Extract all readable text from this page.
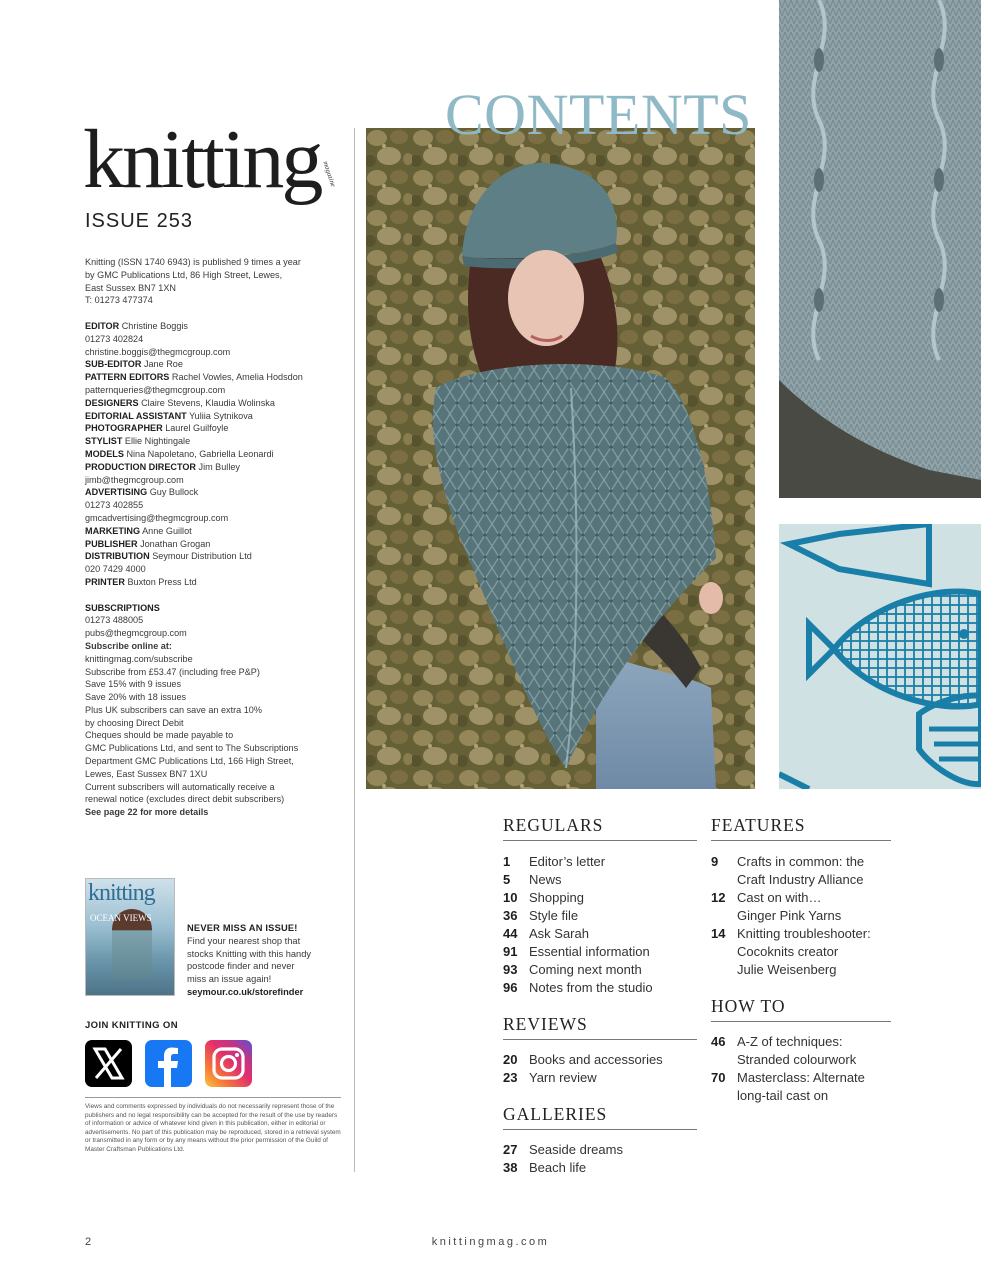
knitting magazine
ISSUE 253

Knitting (ISSN 1740 6943) is published 9 times a year

by GMC Publications Ltd, 86 High Street, Lewes,

East Sussex BN7 1XN

T: 01273 477374

EDITOR Christine Boggis

01273 402824

christine.boggis@thegmcgroup.com

SUB-EDITOR Jane Roe

PATTERN EDITORS Rachel Vowles, Amelia Hodsdon

patternqueries@thegmcgroup.com

DESIGNERS Claire Stevens, Klaudia Wolinska

EDITORIAL ASSISTANT Yuliia Sytnikova

PHOTOGRAPHER Laurel Guilfoyle

STYLIST Ellie Nightingale

MODELS Nina Napoletano, Gabriella Leonardi

PRODUCTION DIRECTOR Jim Bulley

jimb@thegmcgroup.com

ADVERTISING Guy Bullock

01273 402855

gmcadvertising@thegmcgroup.com

MARKETING Anne Guillot

PUBLISHER Jonathan Grogan

DISTRIBUTION Seymour Distribution Ltd

020 7429 4000

PRINTER Buxton Press Ltd

SUBSCRIPTIONS

01273 488005

pubs@thegmcgroup.com

Subscribe online at:

knittingmag.com/subscribe

Subscribe from £53.47 (including free P&P)

Save 15% with 9 issues

Save 20% with 18 issues

Plus UK subscribers can save an extra 10%

by choosing Direct Debit

Cheques should be made payable to

GMC Publications Ltd, and sent to The Subscriptions

Department GMC Publications Ltd, 166 High Street,

Lewes, East Sussex BN7 1XU

Current subscribers will automatically receive a

renewal notice (excludes direct debit subscribers)

See page 22 for more details

knitting
OCEAN VIEWS

NEVER MISS AN ISSUE!

Find your nearest shop that

stocks Knitting with this handy

postcode finder and never

miss an issue again!

seymour.co.uk/storefinder

JOIN KNITTING ON
Views and comments expressed by individuals do not necessarily represent those of the publishers and no legal responsibility can be accepted for the result of the use by readers of information or advice of whatever kind given in this publication, either in editorial or advertisements. No part of this publication may be reproduced, stored in a retrieval system or transmitted in any form or by any means without the prior permission of the Guild of Master Craftsman Publications Ltd.
CONTENTS
REGULARS
1	Editor’s letter
5	News
10 Shopping
36 Style file
44 Ask Sarah
91 Essential information
93 Coming next month
96 Notes from the studio
REVIEWS
20 Books and accessories
23 Yarn review
GALLERIES
27 Seaside dreams
38 Beach life
FEATURES
9	Crafts in common: the
Craft Industry Alliance
12 Cast on with…
Ginger Pink Yarns
14 Knitting troubleshooter:
Cocoknits creator
Julie Weisenberg
HOW TO
46 A-Z of techniques:
Stranded colourwork
70 Masterclass: Alternate
long-tail cast on
2	knittingmag.com
